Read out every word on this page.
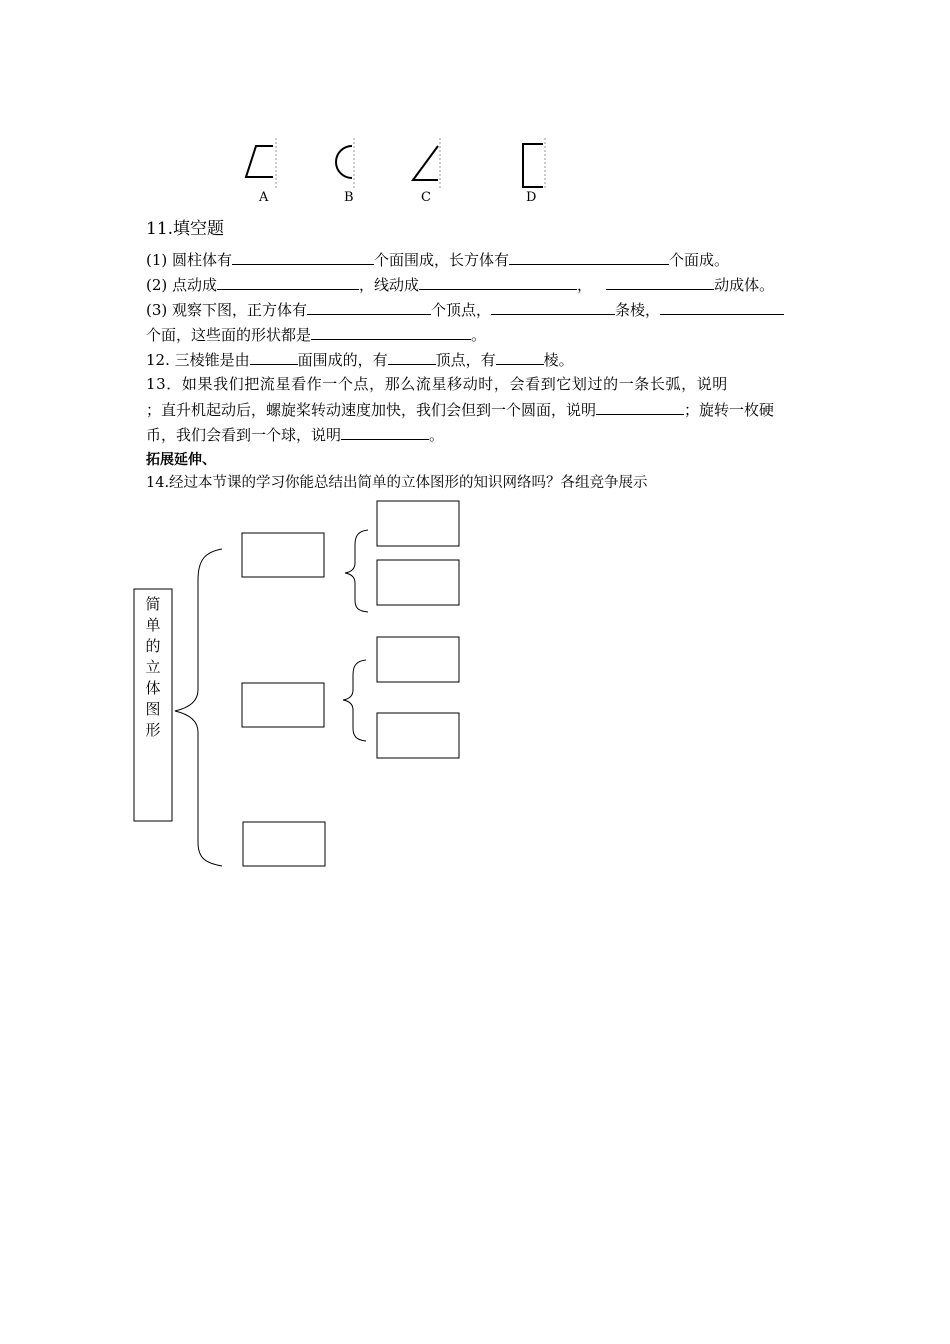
A	B	C	D
11.填空题
(1) 圆柱体有	个面围成，长方体有	个面成。
(2) 点动成	，线动成	，	动成体。
(3) 观察下图，正方体有	个顶点，	条棱，
个面，这些面的形状都是	。
12. 三棱锥是由	面围成的，有	顶点，有	棱。
13．如果我们把流星看作一个点，那么流星移动时，会看到它划过的一条长弧，说明
；直升机起动后，螺旋桨转动速度加快，我们会但到一个圆面，说明	；旋转一枚硬
币，我们会看到一个球，说明	。
拓展延伸、
14.经过本节课的学习你能总结出简单的立体图形的知识网络吗？各组竞争展示
简
单
的
立
体
图
形
